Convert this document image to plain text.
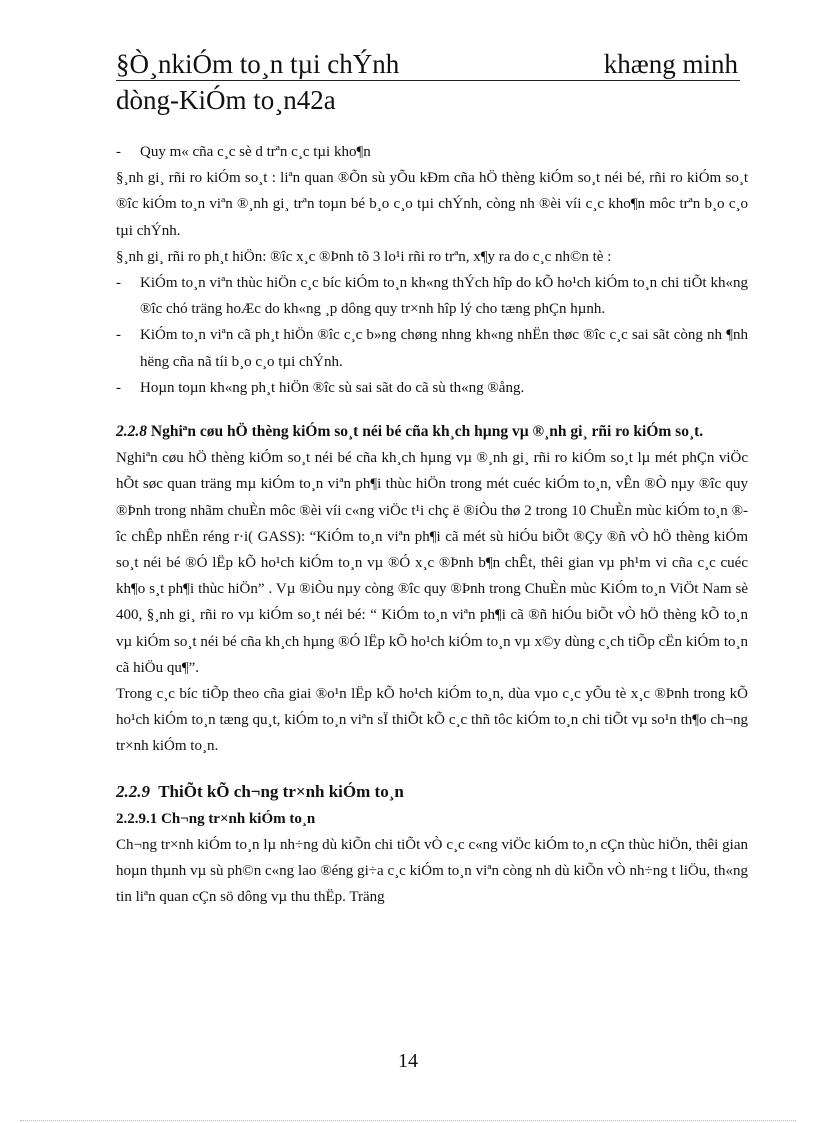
§Ò¸nkiÓm to¸n tµi chÝnh	khæng minh
dòng-KiÓm to¸n42a

- Quy m« cña c¸c sè d trªn c¸c tµi kho¶n

§¸nh gi¸ rñi ro kiÓm so¸t : liªn quan ®Õn sù yÕu kÐm cña hÖ thèng kiÓm so¸t néi bé, rñi ro kiÓm so¸t ®îc kiÓm to¸n viªn ®¸nh gi¸ trªn toµn bé b¸o c¸o tµi chÝnh, còng nh ®èi víi c¸c kho¶n môc trªn b¸o c¸o tµi chÝnh.

§¸nh gi¸ rñi ro ph¸t hiÖn: ®îc x¸c ®Þnh tõ 3 lo¹i rñi ro trªn, x¶y ra do c¸c nh©n tè :

- KiÓm to¸n viªn thùc hiÖn c¸c bíc kiÓm to¸n kh«ng thÝch hîp do kÕ ho¹ch kiÓm to¸n chi tiÕt kh«ng ®îc chó träng hoÆc do kh«ng ¸p dông quy tr×nh hîp lý cho tæng phÇn hµnh.

- KiÓm to¸n viªn cã ph¸t hiÖn ®îc c¸c b»ng chøng nhng kh«ng nhËn thøc ®îc c¸c sai sãt còng nh ¶nh hëng cña nã tíi b¸o c¸o tµi chÝnh.

- Hoµn toµn kh«ng ph¸t hiÖn ®îc sù sai sãt do cã sù th«ng ®ång.

2.2.8 Nghiªn cøu hÖ thèng kiÓm so¸t néi bé cña kh¸ch hµng vµ ®¸nh gi¸ rñi ro kiÓm so¸t.

Nghiªn cøu hÖ thèng kiÓm so¸t néi bé cña kh¸ch hµng vµ ®¸nh gi¸ rñi ro kiÓm so¸t lµ mét phÇn viÖc hÕt søc quan träng mµ kiÓm to¸n viªn ph¶i thùc hiÖn trong mét cuéc kiÓm to¸n, vÊn ®Ò nµy ®îc quy ®Þnh trong nhãm chuÈn môc ®èi víi c«ng viÖc t¹i chç ë ®iÒu thø 2 trong 10 ChuÈn mùc kiÓm to¸n ®îc chÊp nhËn réng r·i( GASS): “KiÓm to¸n viªn ph¶i cã mét sù hiÓu biÕt ®Çy ®ñ vÒ hÖ thèng kiÓm so¸t néi bé ®Ó lËp kÕ ho¹ch kiÓm to¸n vµ ®Ó x¸c ®Þnh b¶n chÊt, thêi gian vµ ph¹m vi cña c¸c cuéc kh¶o s¸t ph¶i thùc hiÖn” . Vµ ®iÒu nµy còng ®îc quy ®Þnh trong ChuÈn mùc KiÓm to¸n ViÖt Nam sè 400, §¸nh gi¸ rñi ro vµ kiÓm so¸t néi bé: “ KiÓm to¸n viªn ph¶i cã ®ñ hiÓu biÕt vÒ hÖ thèng kÕ to¸n vµ kiÓm so¸t néi bé cña kh¸ch hµng ®Ó lËp kÕ ho¹ch kiÓm to¸n vµ x©y dùng c¸ch tiÕp cËn kiÓm to¸n cã hiÖu qu¶”.

Trong c¸c bíc tiÕp theo cña giai ®o¹n lËp kÕ ho¹ch kiÓm to¸n, dùa vµo c¸c yÕu tè x¸c ®Þnh trong kÕ ho¹ch kiÓm to¸n tæng qu¸t, kiÓm to¸n viªn sÏ thiÕt kÕ c¸c thñ tôc kiÓm to¸n chi tiÕt vµ so¹n th¶o ch¬ng tr×nh kiÓm to¸n.

2.2.9 ThiÕt kÕ ch¬ng tr×nh kiÓm to¸n

2.2.9.1 Ch¬ng tr×nh kiÓm to¸n

Ch¬ng tr×nh kiÓm to¸n lµ nh÷ng dù kiÕn chi tiÕt vÒ c¸c c«ng viÖc kiÓm to¸n cÇn thùc hiÖn, thêi gian hoµn thµnh vµ sù ph©n c«ng lao ®éng gi÷a c¸c kiÓm to¸n viªn còng nh dù kiÕn vÒ nh÷ng t liÖu, th«ng tin liªn quan cÇn sö dông vµ thu thËp. Träng

14
